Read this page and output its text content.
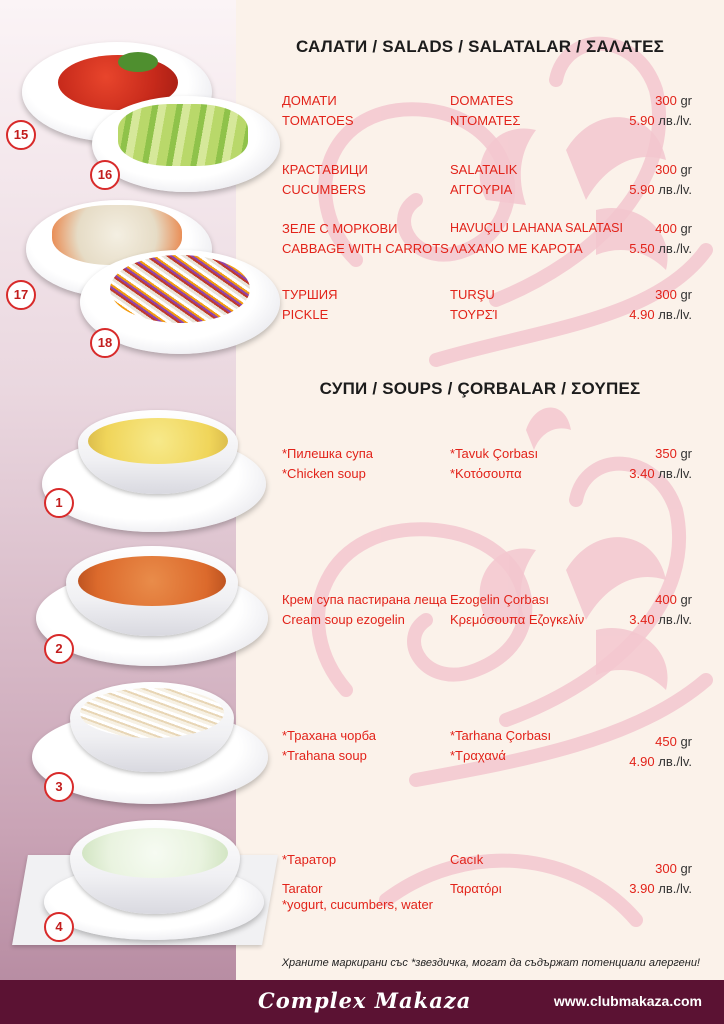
15
16
17
18
1
2
3
4
САЛАТИ / SALADS / SALATALAR / ΣΑΛΑΤΕΣ
СУПИ / SOUPS / ÇORBALAR / ΣΟΥΠΕΣ
ДОМАТИ
TOMATOES
DOMATES
ΝΤΟΜΑΤΕΣ
300 gr
5.90 лв./lv.
КРАСТАВИЦИ
CUCUMBERS
SALATALIK
ΑΓΓΟΥΡΙΑ
300 gr
5.90 лв./lv.
ЗЕЛЕ С МОРКОВИ
CABBAGE WITH CARROTS
HAVUÇLU LAHANA SALATASI
ΛΑΧΑΝΟ ΜΕ ΚΑΡΟΤΑ
400 gr
5.50 лв./lv.
ТУРШИЯ
PICKLE
TURŞU
ΤΟΥΡΣΊ
300 gr
4.90 лв./lv.
*Пилешка супа
*Chicken soup
*Tavuk Çorbası
*Κοτόσουπα
350 gr
3.40 лв./lv.
Крем супа пастирана леща
Cream soup ezogelin
Ezogelin Çorbası
Κρεμόσουπα Εζογκελίν
400 gr
3.40 лв./lv.
*Трахана чорба
*Trahana soup
*Tarhana Çorbası
*Τραχανά
450 gr
4.90 лв./lv.
*Таратор
Tarator
*yogurt, cucumbers, water
Cacık
Ταρατόρι
300 gr
3.90 лв./lv.
Храните маркирани със *звездичка, могат да съдържат потенциали алергени!
Complex Makaza	www.clubmakaza.com
